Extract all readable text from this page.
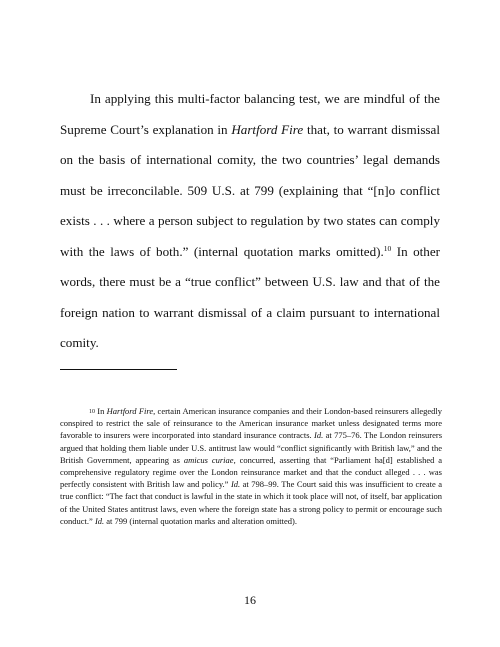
In applying this multi-factor balancing test, we are mindful of the Supreme Court’s explanation in Hartford Fire that, to warrant dismissal on the basis of international comity, the two countries’ legal demands must be irreconcilable. 509 U.S. at 799 (explaining that “[n]o conflict exists . . . where a person subject to regulation by two states can comply with the laws of both.” (internal quotation marks omitted).$^{10}$ In other words, there must be a “true conflict” between U.S. law and that of the foreign nation to warrant dismissal of a claim pursuant to international comity.

$^{10}$ In Hartford Fire, certain American insurance companies and their London-based reinsurers allegedly conspired to restrict the sale of reinsurance to the American insurance market unless designated terms more favorable to insurers were incorporated into standard insurance contracts. Id. at 775–76. The London reinsurers argued that holding them liable under U.S. antitrust law would “conflict significantly with British law,” and the British Government, appearing as amicus curiae, concurred, asserting that “Parliament ha[d] established a comprehensive regulatory regime over the London reinsurance market and that the conduct alleged . . . was perfectly consistent with British law and policy.” Id. at 798–99. The Court said this was insufficient to create a true conflict: “The fact that conduct is lawful in the state in which it took place will not, of itself, bar application of the United States antitrust laws, even where the foreign state has a strong policy to permit or encourage such conduct.” Id. at 799 (internal quotation marks and alteration omitted).

16
